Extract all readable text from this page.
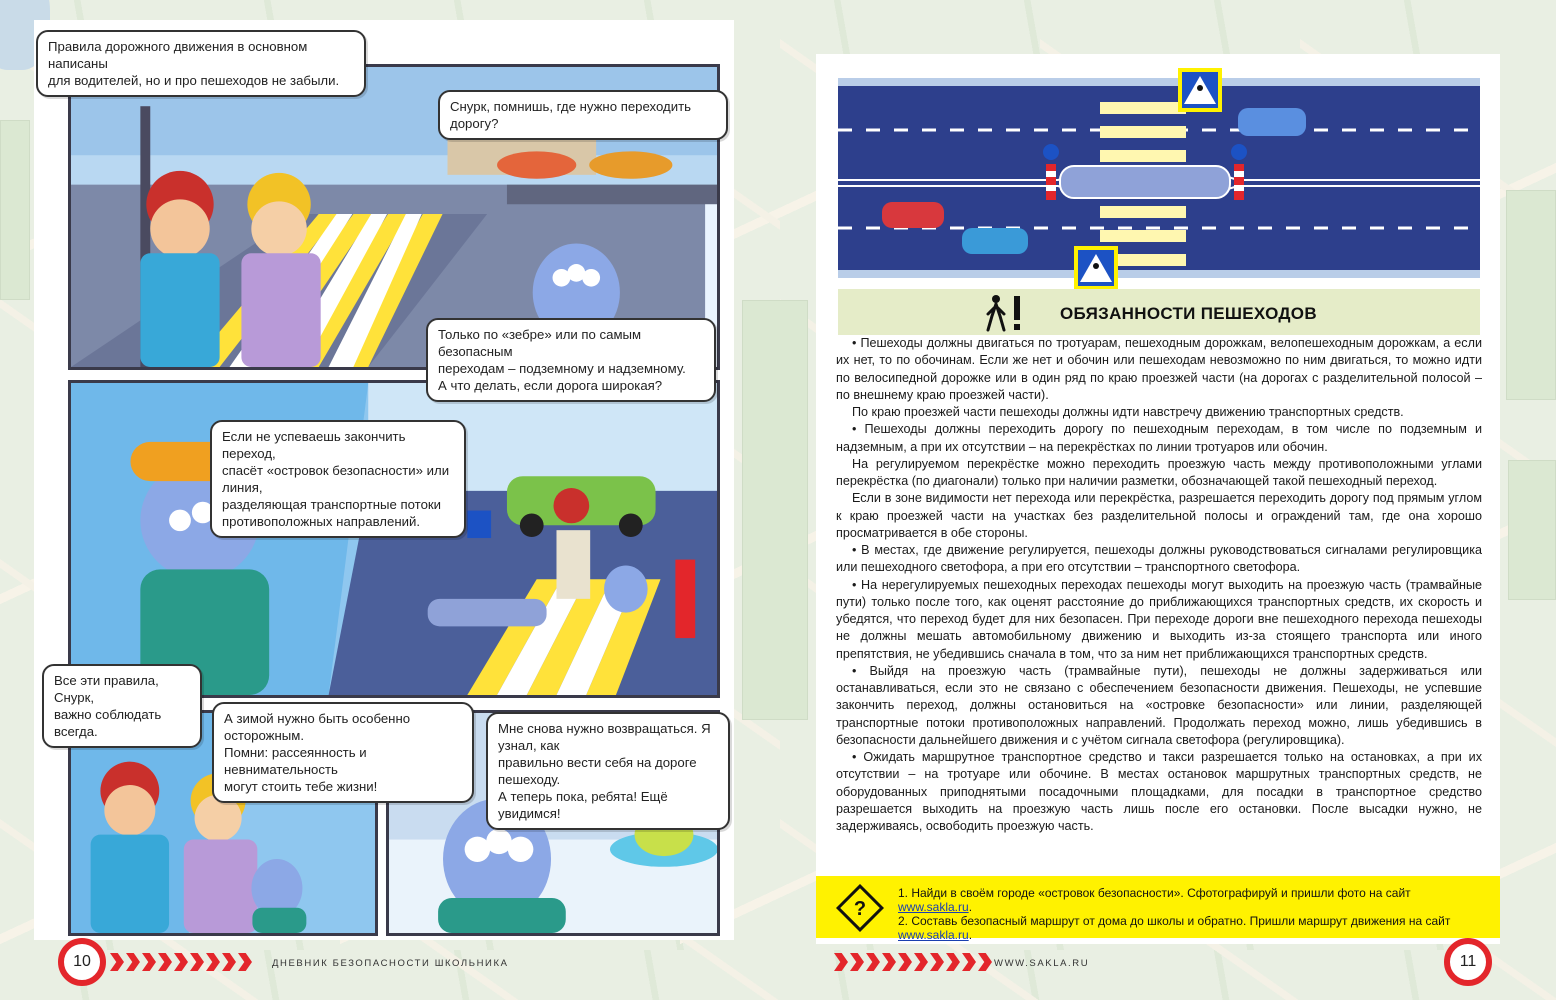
Правила дорожного движения в основном написаны
для водителей, но и про пешеходов не забыли.
Снурк, помнишь, где нужно переходить дорогу?
Только по «зебре» или по самым безопасным
переходам – подземному и надземному.
А что делать, если дорога широкая?
Если не успеваешь закончить переход,
спасёт «островок безопасности» или линия,
разделяющая транспортные потоки
противоположных направлений.
Все эти правила, Снурк,
важно соблюдать всегда.
А зимой нужно быть особенно осторожным.
Помни: рассеянность и невнимательность
могут стоить тебе жизни!
Мне снова нужно возвращаться. Я узнал, как
правильно вести себя на дороге пешеходу.
А теперь пока, ребята! Ещё увидимся!
ОБЯЗАННОСТИ ПЕШЕХОДОВ

• Пешеходы должны двигаться по тротуарам, пешеходным дорожкам, велопешеходным дорожкам, а если их нет, то по обочинам. Если же нет и обочин или пешеходам невозможно по ним двигаться, то можно идти по велосипедной дорожке или в один ряд по краю проезжей части (на дорогах с разделительной полосой – по внешнему краю проезжей части).

По краю проезжей части пешеходы должны идти навстречу движению транспортных средств.

• Пешеходы должны переходить дорогу по пешеходным переходам, в том числе по подземным и надземным, а при их отсутствии – на перекрёстках по линии тротуаров или обочин.

На регулируемом перекрёстке можно переходить проезжую часть между противоположными углами перекрёстка (по диагонали) только при наличии разметки, обозначающей такой пешеходный переход.

Если в зоне видимости нет перехода или перекрёстка, разрешается переходить дорогу под прямым углом к краю проезжей части на участках без разделительной полосы и ограждений там, где она хорошо просматривается в обе стороны.

• В местах, где движение регулируется, пешеходы должны руководствоваться сигналами регулировщика или пешеходного светофора, а при его отсутствии – транспортного светофора.

• На нерегулируемых пешеходных переходах пешеходы могут выходить на проезжую часть (трамвайные пути) только после того, как оценят расстояние до приближающихся транспортных средств, их скорость и убедятся, что переход будет для них безопасен. При переходе дороги вне пешеходного перехода пешеходы не должны мешать автомобильному движению и выходить из-за стоящего транспорта или иного препятствия, не убедившись сначала в том, что за ним нет приближающихся транспортных средств.

• Выйдя на проезжую часть (трамвайные пути), пешеходы не должны задерживаться или останавливаться, если это не связано с обеспечением безопасности движения. Пешеходы, не успевшие закончить переход, должны остановиться на «островке безопасности» или линии, разделяющей транспортные потоки противоположных направлений. Продолжать переход можно, лишь убедившись в безопасности дальнейшего движения и с учётом сигнала светофора (регулировщика).

• Ожидать маршрутное транспортное средство и такси разрешается только на остановках, а при их отсутствии – на тротуаре или обочине. В местах остановок маршрутных транспортных средств, не оборудованных приподнятыми посадочными площадками, для посадки в транспортное средство разрешается выходить на проезжую часть лишь после его остановки. После высадки нужно, не задерживаясь, освободить проезжую часть.

?
1. Найди в своём городе «островок безопасности». Сфотографируй и пришли фото на сайт www.sakla.ru.
2. Составь безопасный маршрут от дома до школы и обратно. Пришли маршрут движения на сайт www.sakla.ru.
10	ДНЕВНИК БЕЗОПАСНОСТИ ШКОЛЬНИКА	WWW.SAKLA.RU	11
